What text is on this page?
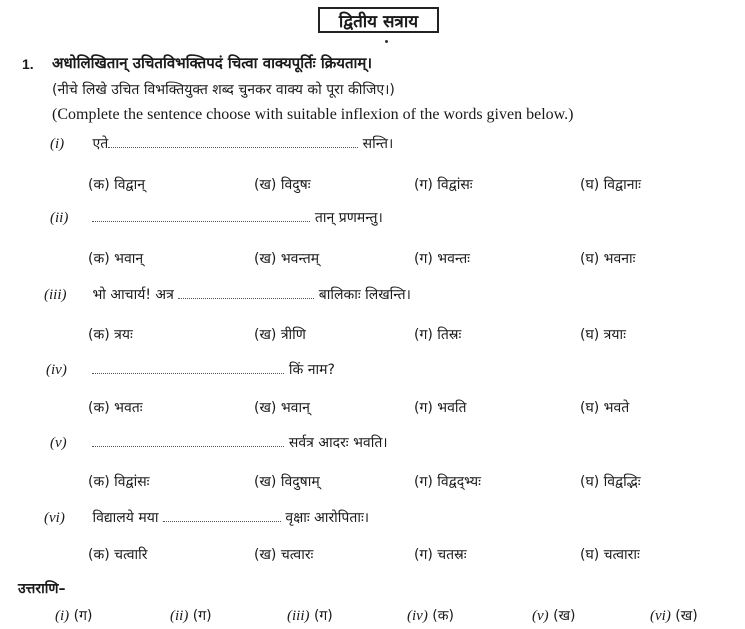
द्वितीय सत्राय
1. अधोलिखितान् उचितविभक्तिपदं चित्वा वाक्यपूर्तिः क्रियताम्।
(नीचे लिखे उचित विभक्तियुक्त शब्द चुनकर वाक्य को पूरा कीजिए।)
(Complete the sentence choose with suitable inflexion of the words given below.)
(i) एते	सन्ति।
(क) विद्वान्	(ख) विदुषः	(ग) विद्वांसः	(घ) विद्वानाः
(ii)	तान् प्रणमन्तु।
(क) भवान्	(ख) भवन्तम्	(ग) भवन्तः	(घ) भवनाः
(iii) भो आचार्य! अत्र	बालिकाः लिखन्ति।
(क) त्रयः	(ख) त्रीणि	(ग) तिस्रः	(घ) त्रयाः
(iv)	किं नाम?
(क) भवतः	(ख) भवान्	(ग) भवति	(घ) भवते
(v)	सर्वत्र आदरः भवति।
(क) विद्वांसः	(ख) विदुषाम्	(ग) विद्वद्भ्यः	(घ) विद्वद्भिः
(vi) विद्यालये मया	वृक्षाः आरोपिताः।
(क) चत्वारि	(ख) चत्वारः	(ग) चतस्रः	(घ) चत्वाराः
उत्तराणि–
(i) (ग)	(ii) (ग)	(iii) (ग)	(iv) (क)	(v) (ख)	(vi) (ख)
